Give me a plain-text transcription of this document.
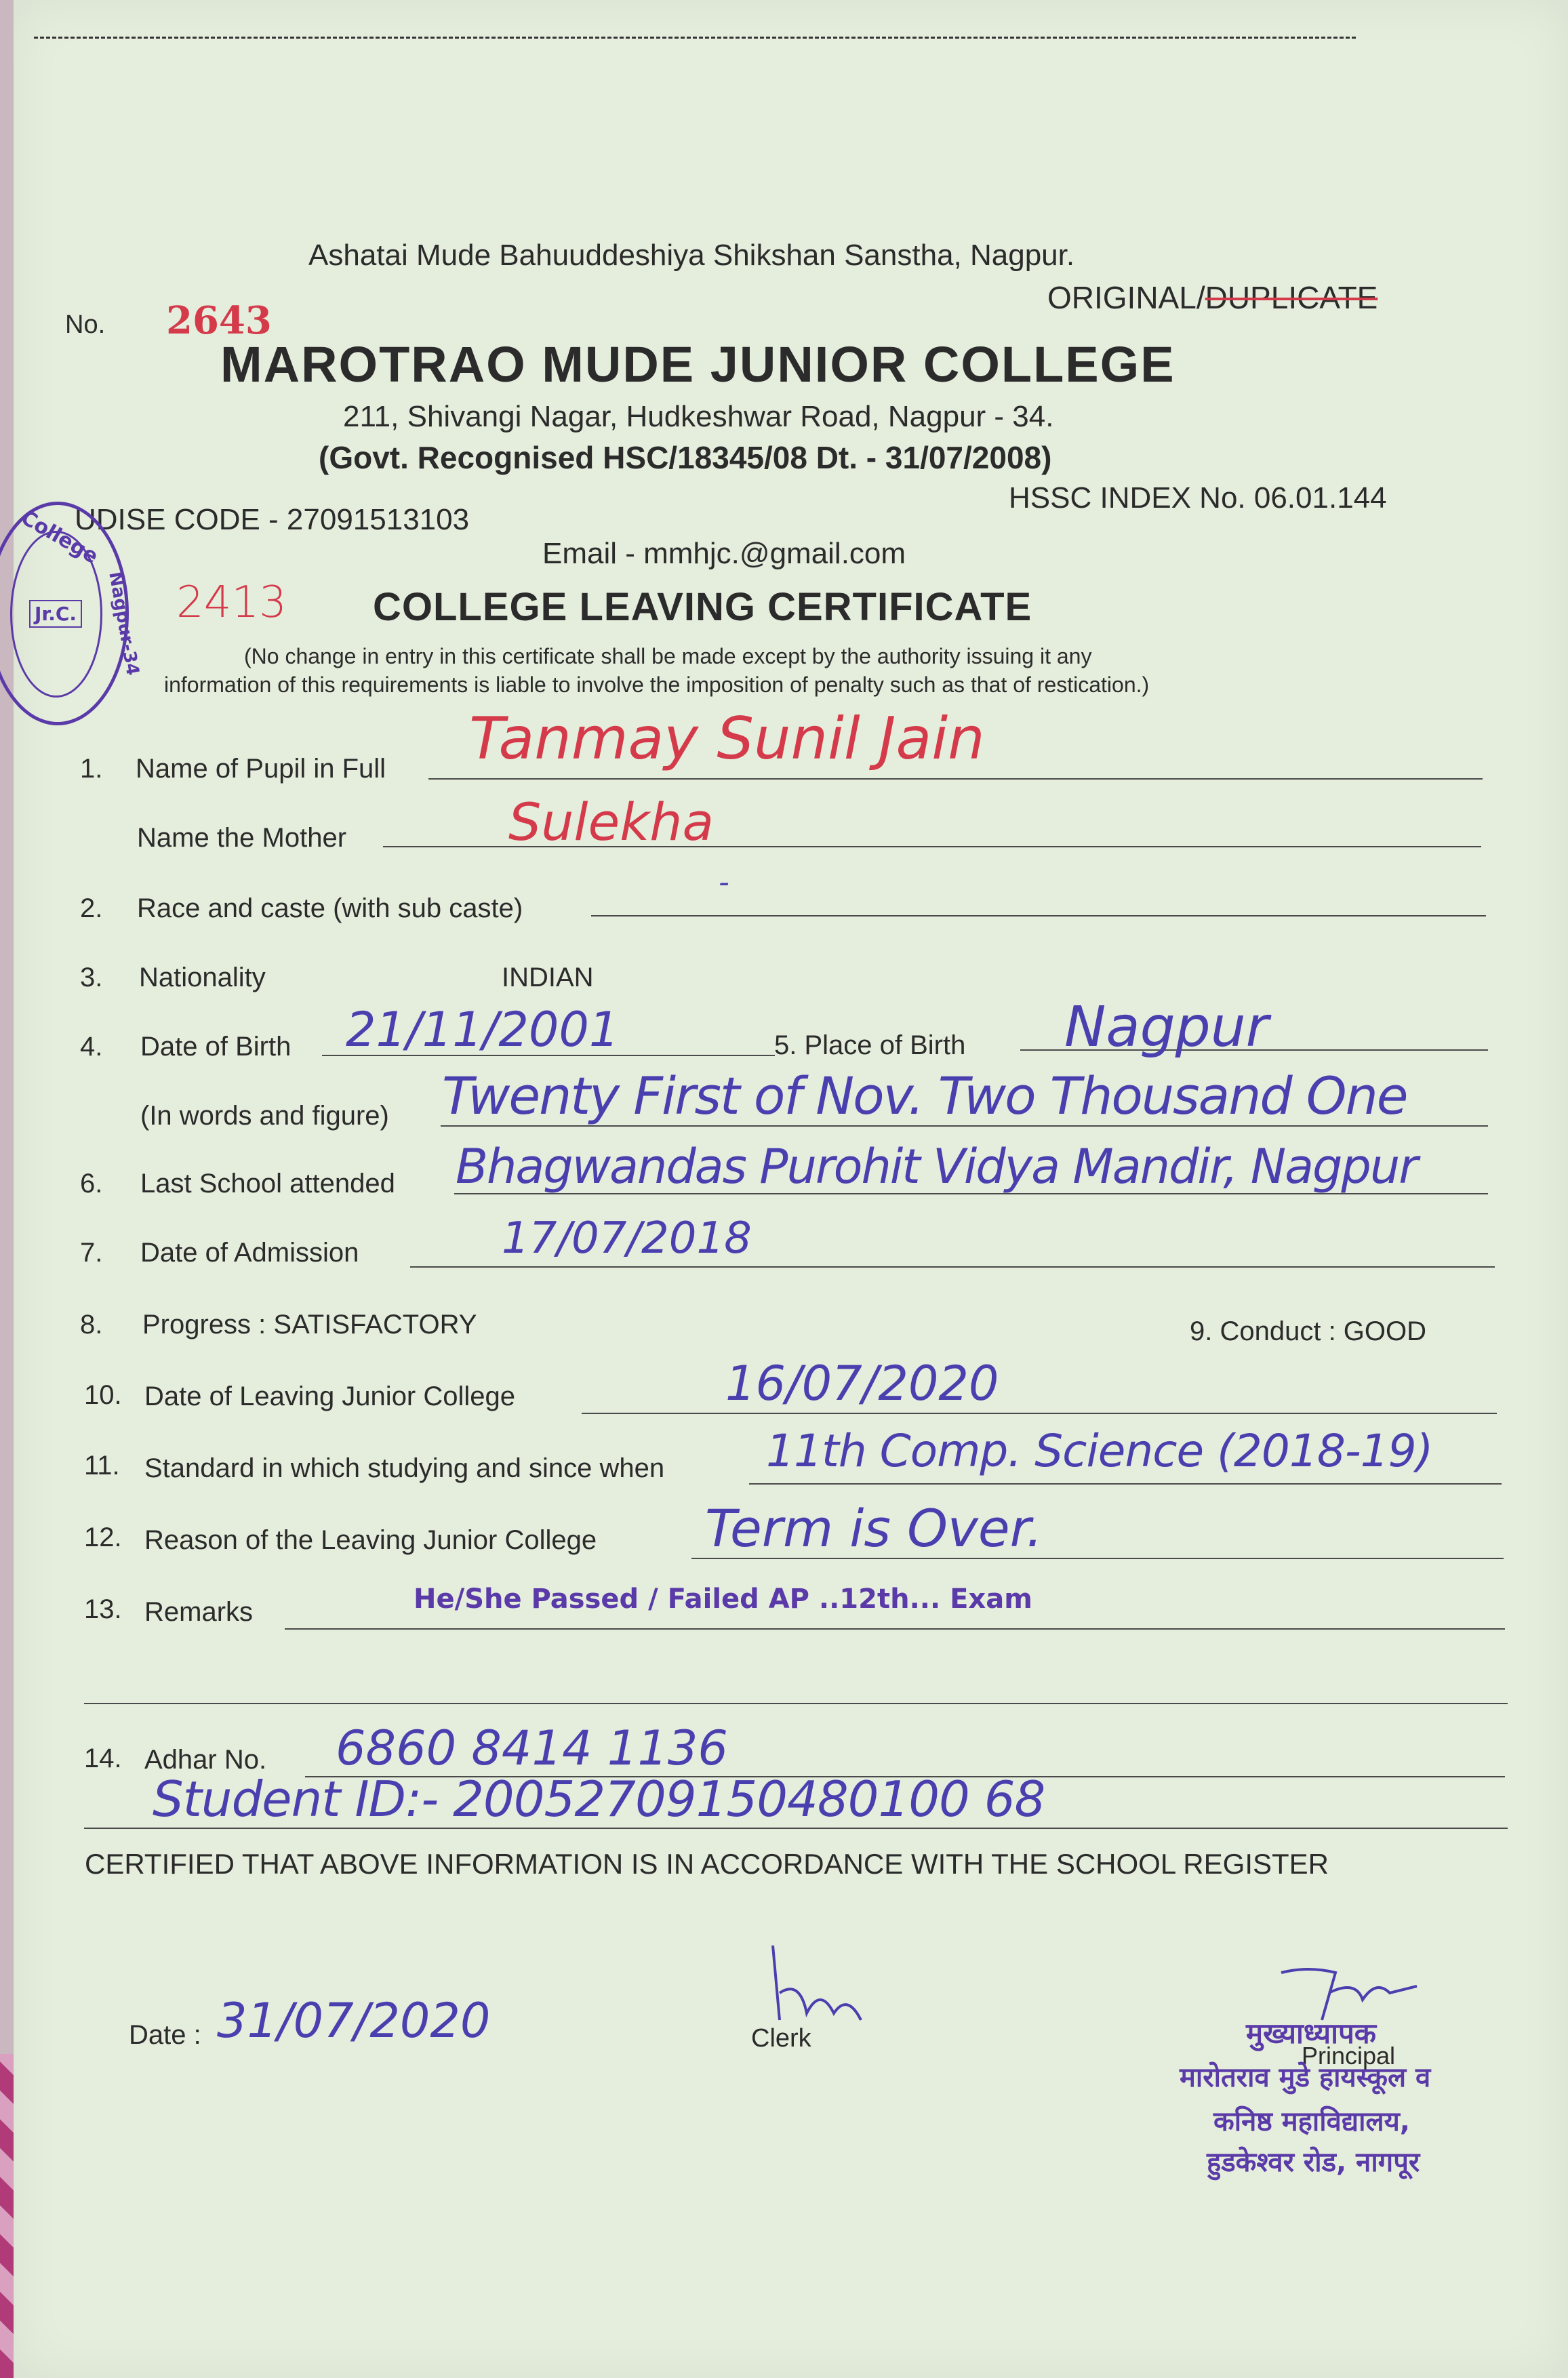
Ashatai Mude Bahuuddeshiya Shikshan Sanstha, Nagpur.
ORIGINAL/DUPLICATE
No. 2643
MAROTRAO MUDE JUNIOR COLLEGE
211, Shivangi Nagar, Hudkeshwar Road, Nagpur - 34.
(Govt. Recognised HSC/18345/08 Dt. - 31/07/2008)
UDISE CODE - 27091513103
HSSC INDEX No. 06.01.144
Email - mmhjc.@gmail.com
College
Jr.C.	Nagpur-34 2413 COLLEGE LEAVING CERTIFICATE
(No change in entry in this certificate shall be made except by the authority issuing it any
information of this requirements is liable to involve the imposition of penalty such as that of restication.)
1. Name of Pupil in Full Tanmay Sunil Jain
Name the Mother	Sulekha
2. Race and caste (with sub caste)
-
3. Nationality	INDIAN
4. Date of Birth 21/11/2001	5. Place of Birth Nagpur
(In words and figure) Twenty First of Nov. Two Thousand One
6. Last School attended Bhagwandas Purohit Vidya Mandir, Nagpur
7. Date of Admission	17/07/2018
8. Progress : SATISFACTORY	9. Conduct : GOOD
10. Date of Leaving Junior College	16/07/2020
11. Standard in which studying and since when 11th Comp. Science (2018-19)
12. Reason of the Leaving Junior College Term is Over.
13. Remarks	He/She Passed / Failed AP ..12th... Exam
14. Adhar No. 6860 8414 1136
Student ID:- 20052709150480100 68
CERTIFIED THAT ABOVE INFORMATION IS IN ACCORDANCE WITH THE SCHOOL REGISTER
Date : 31/07/2020	Clerk	मुख्याध्यापक
Principal
मारोतराव मुडे हायस्कूल व
कनिष्ठ महाविद्यालय,
हुडकेश्वर रोड, नागपूर
